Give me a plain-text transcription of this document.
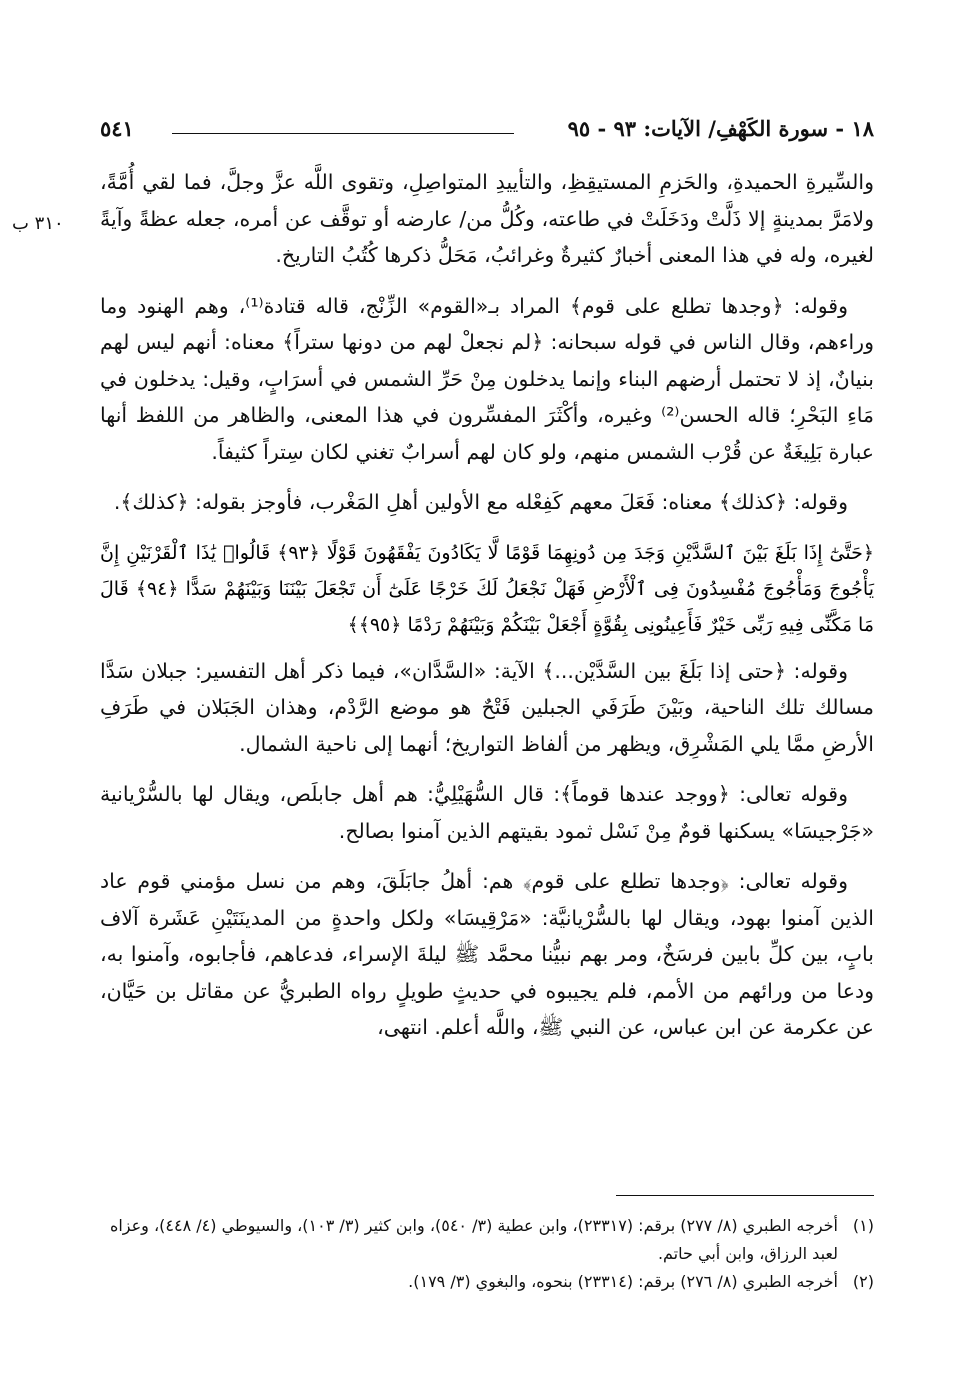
١٨ - سورة الكَهْفِ/ الآيات: ٩٣ - ٩٥
٥٤١
٣١٠ ب

والسِّيرةِ الحميدةِ، والحَزمِ المستيقِظِ، والتأييدِ المتواصِلِ، وتقوى اللَّه عزَّ وجلَّ، فما لقي أُمَّةً، ولامَرَّ بمدينةٍ إلا ذَلَّتْ ودَخَلَتْ في طاعته، وكُلُّ من/ عارضه أو توقَّف عن أمره، جعله عظةً وآيةً لغيره، وله في هذا المعنى أخبارٌ كثيرةٌ وغرائبُ، مَحَلُّ ذكرها كُتُبُ التاريخ.

وقوله: ﴿وجدها تطلع على قوم﴾ المراد بـ«القوم» الزِّنْج، قاله قتادة⁽¹⁾، وهم الهنود وما وراءهم، وقال الناس في قوله سبحانه: ﴿لم نجعلْ لهم من دونها ستراً﴾ معناه: أنهم ليس لهم بنيانٌ، إذ لا تحتمل أرضهم البناء وإنما يدخلون مِنْ حَرِّ الشمس في أسرَابٍ، وقيل: يدخلون في مَاءِ البَحْرِ؛ قاله الحسن⁽²⁾ وغيره، وأكْثَرَ المفسِّرون في هذا المعنى، والظاهر من اللفظ أنها عبارة بَلِيغَةٌ عن قُرْب الشمس منهم، ولو كان لهم أسرابٌ تغني لكان سِتراً كثيفاً.

وقوله: ﴿كذلك﴾ معناه: فَعَلَ معهم كَفِعْله مع الأولين أهلِ المَغْرب، فأوجز بقوله: ﴿كذلك﴾.

﴿حَتَّىٰٓ إِذَا بَلَغَ بَيْنَ ٱلسَّدَّيْنِ وَجَدَ مِن دُونِهِمَا قَوْمًا لَّا يَكَادُونَ يَفْقَهُونَ قَوْلًا ﴿٩٣﴾ قَالُوا۟ يَٰذَا ٱلْقَرْنَيْنِ إِنَّ يَأْجُوجَ وَمَأْجُوجَ مُفْسِدُونَ فِى ٱلْأَرْضِ فَهَلْ نَجْعَلُ لَكَ خَرْجًا عَلَىٰٓ أَن تَجْعَلَ بَيْنَنَا وَبَيْنَهُمْ سَدًّا ﴿٩٤﴾ قَالَ مَا مَكَّنِّى فِيهِ رَبِّى خَيْرٌ فَأَعِينُونِى بِقُوَّةٍ أَجْعَلْ بَيْنَكُمْ وَبَيْنَهُمْ رَدْمًا ﴿٩٥﴾﴾

وقوله: ﴿حتى إذا بَلَغَ بين السَّدَّيْن...﴾ الآية: «السَّدَّان»، فيما ذكر أهل التفسير: جبلان سَدَّا مسالك تلك الناحية، وبَيْنَ طَرَفَي الجبلين فَتْحٌ هو موضع الرَّدْم، وهذان الجَبَلان في طَرَفِ الأرضِ ممَّا يلي المَشْرِق، ويظهر من ألفاظ التواريخ؛ أنهما إلى ناحية الشمال.

وقوله تعالى: ﴿ووجد عندها قوماً﴾: قال السُّهَيْلِيُّ: هم أهل جابلَص، ويقال لها بالسُّرْيانية «جَرْجيسَا» يسكنها قومٌ مِنْ نَسْل ثمود بقيتهم الذين آمنوا بصالح.

وقوله تعالى: ﴿وجدها تطلع على قوم﴾ هم: أهلُ جابَلَقَ، وهم من نسل مؤمني قوم عاد الذين آمنوا بهود، ويقال لها بالسُّرْيانيَّة: «مَرْقِيسَا» ولكل واحدةٍ من المدينَتَيْنِ عَشَرة آلاف بابٍ، بين كلِّ بابين فرسَخٌ، ومر بهم نبيُّنا محمَّد ﷺ ليلةَ الإسراء، فدعاهم، فأجابوه، وآمنوا به، ودعا من ورائهم من الأمم، فلم يجيبوه في حديثٍ طويلٍ رواه الطبريُّ عن مقاتل بن حَيَّان، عن عكرمة عن ابن عباس، عن النبي ﷺ، واللَّه أعلم. انتهى،

(١)
أخرجه الطبري (٨/ ٢٧٧) برقم: (٢٣٣١٧)، وابن عطية (٣/ ٥٤٠)، وابن كثير (٣/ ١٠٣)، والسيوطي (٤/ ٤٤٨)، وعزاه لعبد الرزاق، وابن أبي حاتم.
(٢)
أخرجه الطبري (٨/ ٢٧٦) برقم: (٢٣٣١٤) بنحوه، والبغوي (٣/ ١٧٩).
